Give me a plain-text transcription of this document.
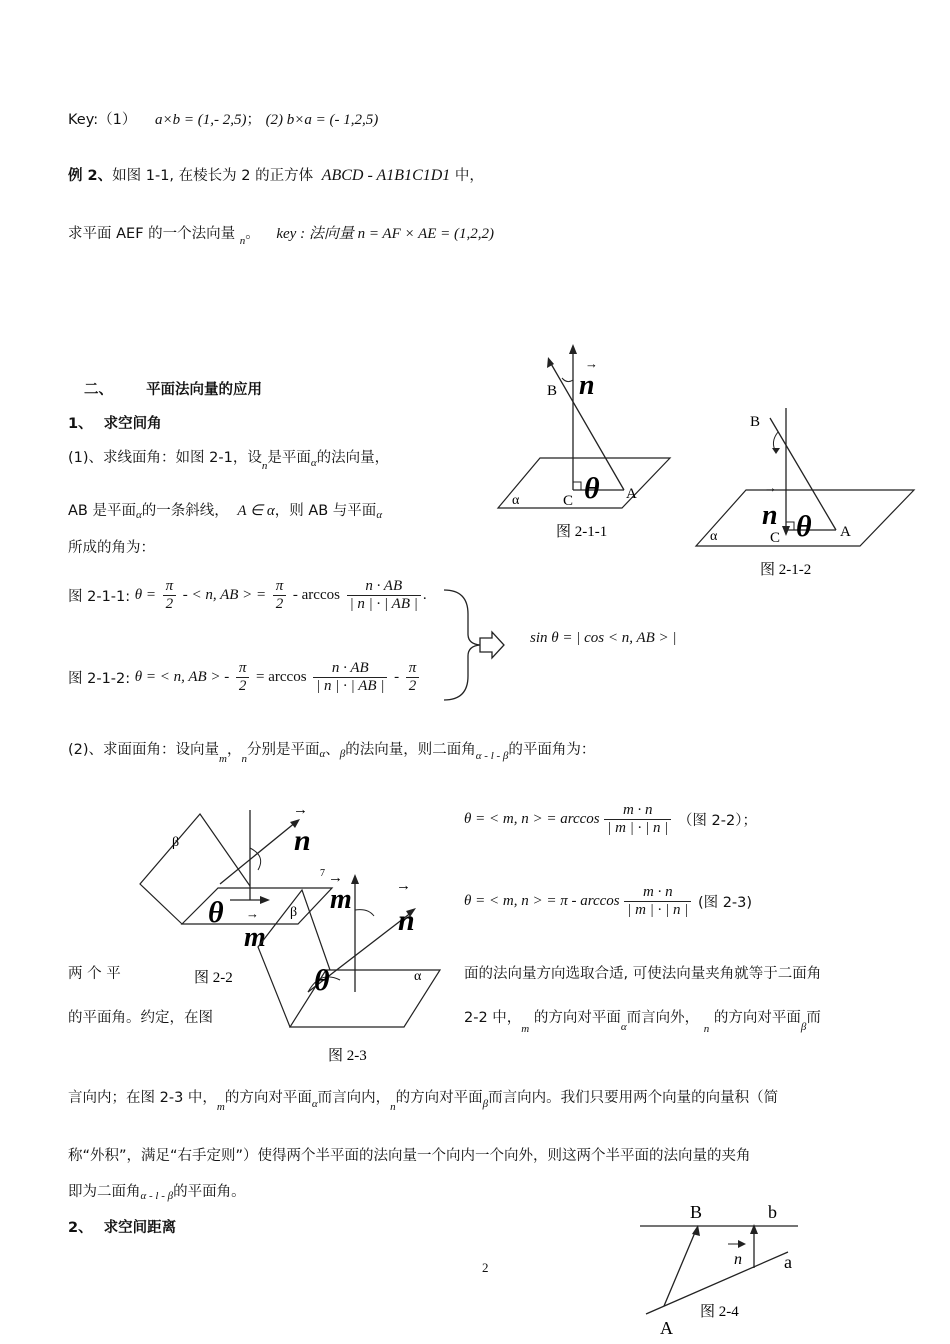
Key:（1） a×b = (1,- 2,5)； (2) b×a = (- 1,2,5)
例 2、如图 1-1, 在棱长为 2 的正方体 ABCD - A1B1C1D1 中，
求平面 AEF 的一个法向量 $_n$。 key : 法向量 n = AF × AE = (1,2,2)
二、 平面法向量的应用
1、 求空间角
(1)、求线面角：如图 2-1，设$_n$是平面$_\alpha$的法向量，
AB 是平面$_\alpha$的一条斜线， A ∈ α，则 AB 与平面$_\alpha$
所成的角为：
图 2-1-1: $\theta = \frac{\pi}{2}$ - < n, AB > = $\frac{\pi}{2}$ - $\arccos \frac{n \cdot AB}{| n | \cdot | AB |}$ .
图 2-1-2: θ = < n, AB > - $\frac{\pi}{2} = \arccos \frac{n \cdot AB}{| n | \cdot | AB |} - \frac{\pi}{2}$
sin θ = | cos < n, AB > |
(2)、求面面角：设向量$_m$，$_n$分别是平面$_\alpha$、$_\beta$的法向量，则二面角$_{\alpha - l - \beta}$的平面角为：
θ = < m, n > = $\arccos \frac{m \cdot n}{| m | \cdot | n |}$ （图 2-2）；
θ = < m, n > = π - $\arccos \frac{m \cdot n}{| m | \cdot | n |}$ (图 2-3)
两 个 平	面的法向量方向选取合适, 可使法向量夹角就等于二面角
的平面角。约定，在图	2-2 中，$_m$ 的方向对平面$_\alpha$而言向外， $_n$ 的方向对平面$_\beta$而
言向内；在图 2-3 中，$_m$的方向对平面$_\alpha$而言向内，$_n$的方向对平面$_\beta$而言向内。我们只要用两个向量的向量积（简
称“外积”，满足“右手定则”）使得两个半平面的法向量一个向内一个向外，则这两个半平面的法向量的夹角
即为二面角$_{\alpha - l - \beta}$的平面角。
2、 求空间距离
2
→
n
B
C	A
α θ
图 2-1-1
→
n
B
C	A
α	θ
图 2-1-2
→
n
β
θ →
m
图 2-2
→
7
m	→
n
β
α
θ
图 2-3
B	b
n a
A
图 2-4
